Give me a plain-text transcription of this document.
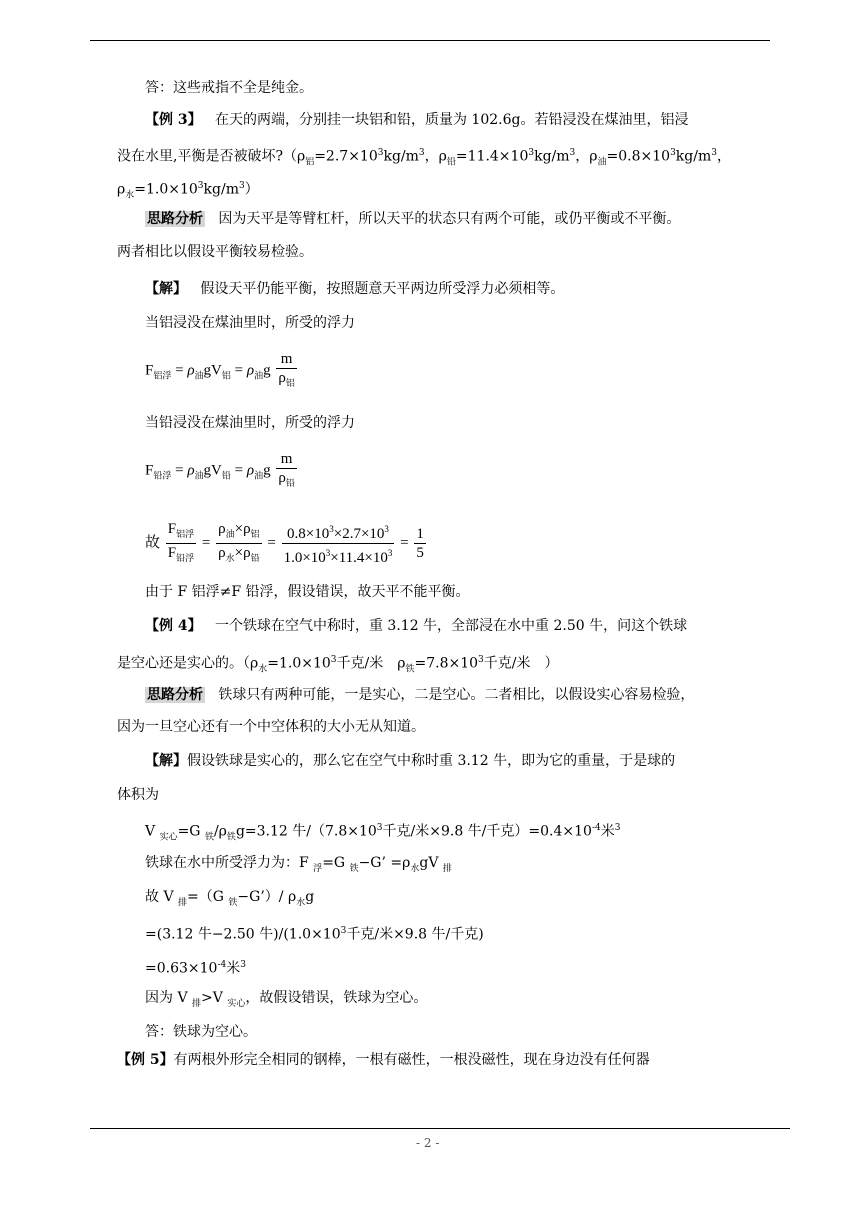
答：这些戒指不全是纯金。
【例 3】 在天的两端，分别挂一块铝和铅，质量为 102.6g。若铅浸没在煤油里，铝浸
没在水里,平衡是否被破坏$?(\rho_铝=2.7\times 10^3kg/m^3$，$\rho_铅=11.4\times 10^3kg/m^3$，$\rho_油=0.8\times 10^3kg/m^3$，
$\rho_水=1.0\times 10^3kg/m^3$）
思路分析 因为天平是等臂杠杆，所以天平的状态只有两个可能，或仍平衡或不平衡。
两者相比以假设平衡较易检验。
【解】 假设天平仍能平衡，按照题意天平两边所受浮力必须相等。
当铝浸没在煤油里时，所受的浮力
$F_{铝浮} = \rho_油gV_铝 = \rho_油g \frac{m}{\rho_铝}$
当铅浸没在煤油里时，所受的浮力
$F_{铅浮} = \rho_油gV_铅 = \rho_油g \frac{m}{\rho_铅}$
故 $\frac{F_{铝浮}}{F_{铅浮}} = \frac{\rho_油\times\rho_铝}{\rho_水\times\rho_铅} = \frac{0.8\times 10^3\times 2.7\times 10^3}{1.0\times 10^3\times 11.4\times 10^3} = \frac{1}{5}$
由于 F 铝浮≠F 铅浮，假设错误，故天平不能平衡。
【例 4】 一个铁球在空气中称时，重 3.12 牛，全部浸在水中重 2.50 牛，问这个铁球
是空心还是实心的。（$\rho_水=1.0\times 10^3$千克/米　$\rho_铁=7.8\times 10^3$千克/米　）
思路分析 铁球只有两种可能，一是实心，二是空心。二者相比，以假设实心容易检验，
因为一旦空心还有一个中空体积的大小无从知道。
【解】假设铁球是实心的，那么它在空气中称时重 3.12 牛，即为它的重量，于是球的
体积为
V $_{实心}$=G $_铁/\rho_铁g=3.12$ 牛$/(7.8\times 10^3$千克/米×9.8 牛/千克）$=0.4\times 10^{-4}$米$^3$
铁球在水中所受浮力为：F $_浮$=G $_铁$−G’ $=\rho_水gV$ $_排$
故 V $_排$=（G $_铁$−G’）/ $\rho_水g$
=(3.12 牛−2.50 牛)$/(1.0\times 10^3$千克/米×9.8 牛/千克)
$=0.63\times 10^{-4}$米$^3$
因为 V $_排$>V $_{实心}$，故假设错误，铁球为空心。
答：铁球为空心。
【例 5】有两根外形完全相同的钢棒，一根有磁性，一根没磁性，现在身边没有任何器
- 2 -
